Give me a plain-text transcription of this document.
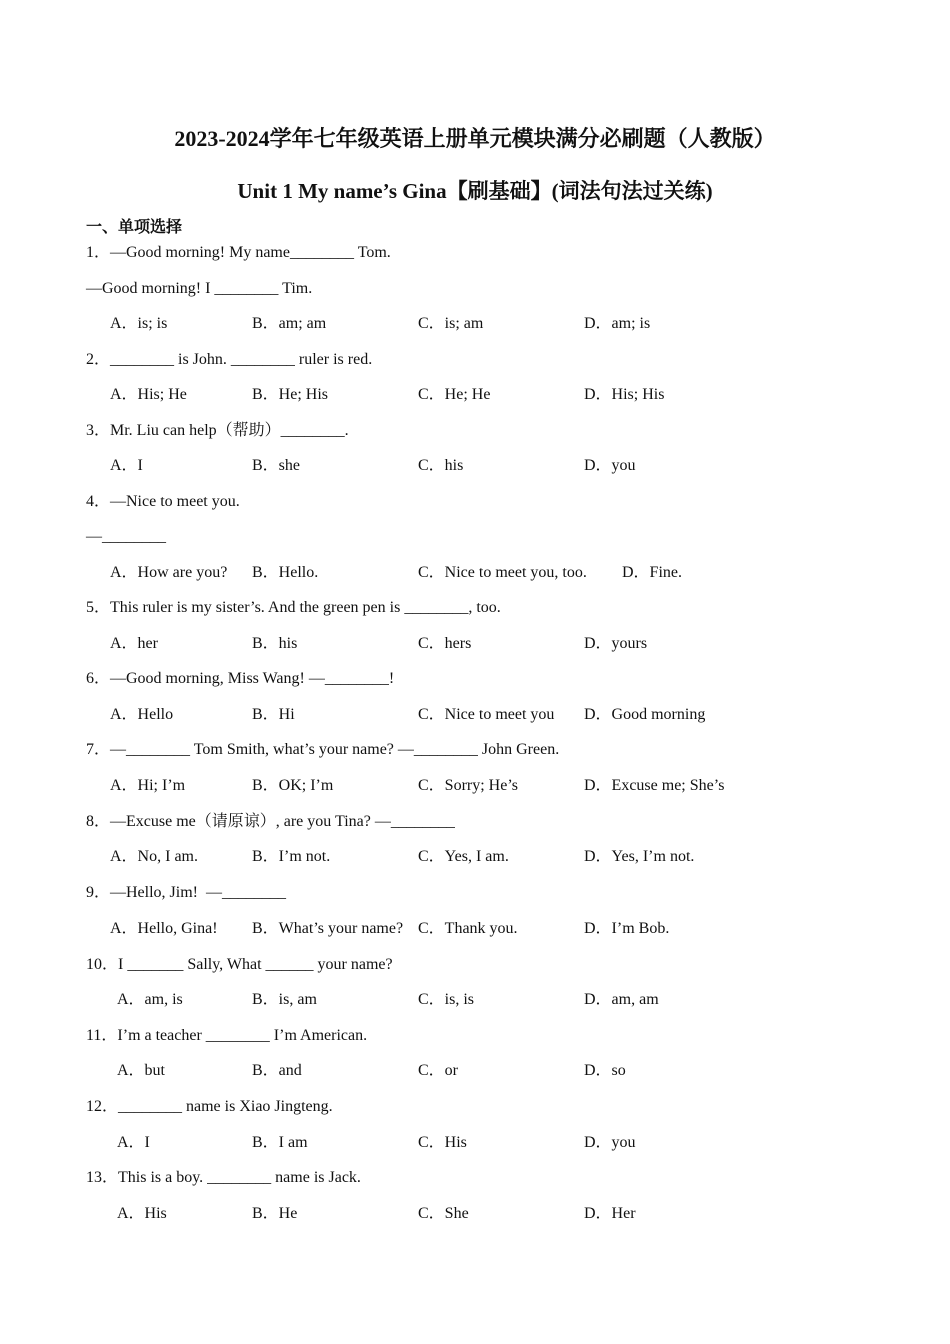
2023-2024学年七年级英语上册单元模块满分必刷题（人教版）
Unit 1 My name’s Gina【刷基础】(词法句法过关练)
一、单项选择
1．—Good morning! My name________ Tom.
—Good morning! I ________ Tim.
A．is; is	B．am; am	C．is; am	D．am; is
2．________ is John. ________ ruler is red.
A．His; He	B．He; His	C．He; He	D．His; His
3．Mr. Liu can help（帮助）________.
A．I	B．she	C．his	D．you
4．—Nice to meet you.
—________
A．How are you? B．Hello.	C．Nice to meet you, too. D．Fine.
5．This ruler is my sister’s. And the green pen is ________, too.
A．her	B．his	C．hers	D．yours
6．—Good morning, Miss Wang! —________!
A．Hello	B．Hi	C．Nice to meet you D．Good morning
7．—________ Tom Smith, what’s your name? —________ John Green.
A．Hi; I’m	B．OK; I’m	C．Sorry; He’s	D．Excuse me; She’s
8．—Excuse me（请原谅）, are you Tina? —________
A．No, I am.	B．I’m not.	C．Yes, I am.	D．Yes, I’m not.
9．—Hello, Jim!  —________
A．Hello, Gina! B．What’s your name? C．Thank you.	D．I’m Bob.
10．I _______ Sally, What ______ your name?
A．am, is	B．is, am	C．is, is	D．am, am
11．I’m a teacher ________ I’m American.
A．but	B．and	C．or	D．so
12．________ name is Xiao Jingteng.
A．I	B．I am	C．His	D．you
13．This is a boy. ________ name is Jack.
A．His	B．He	C．She	D．Her
